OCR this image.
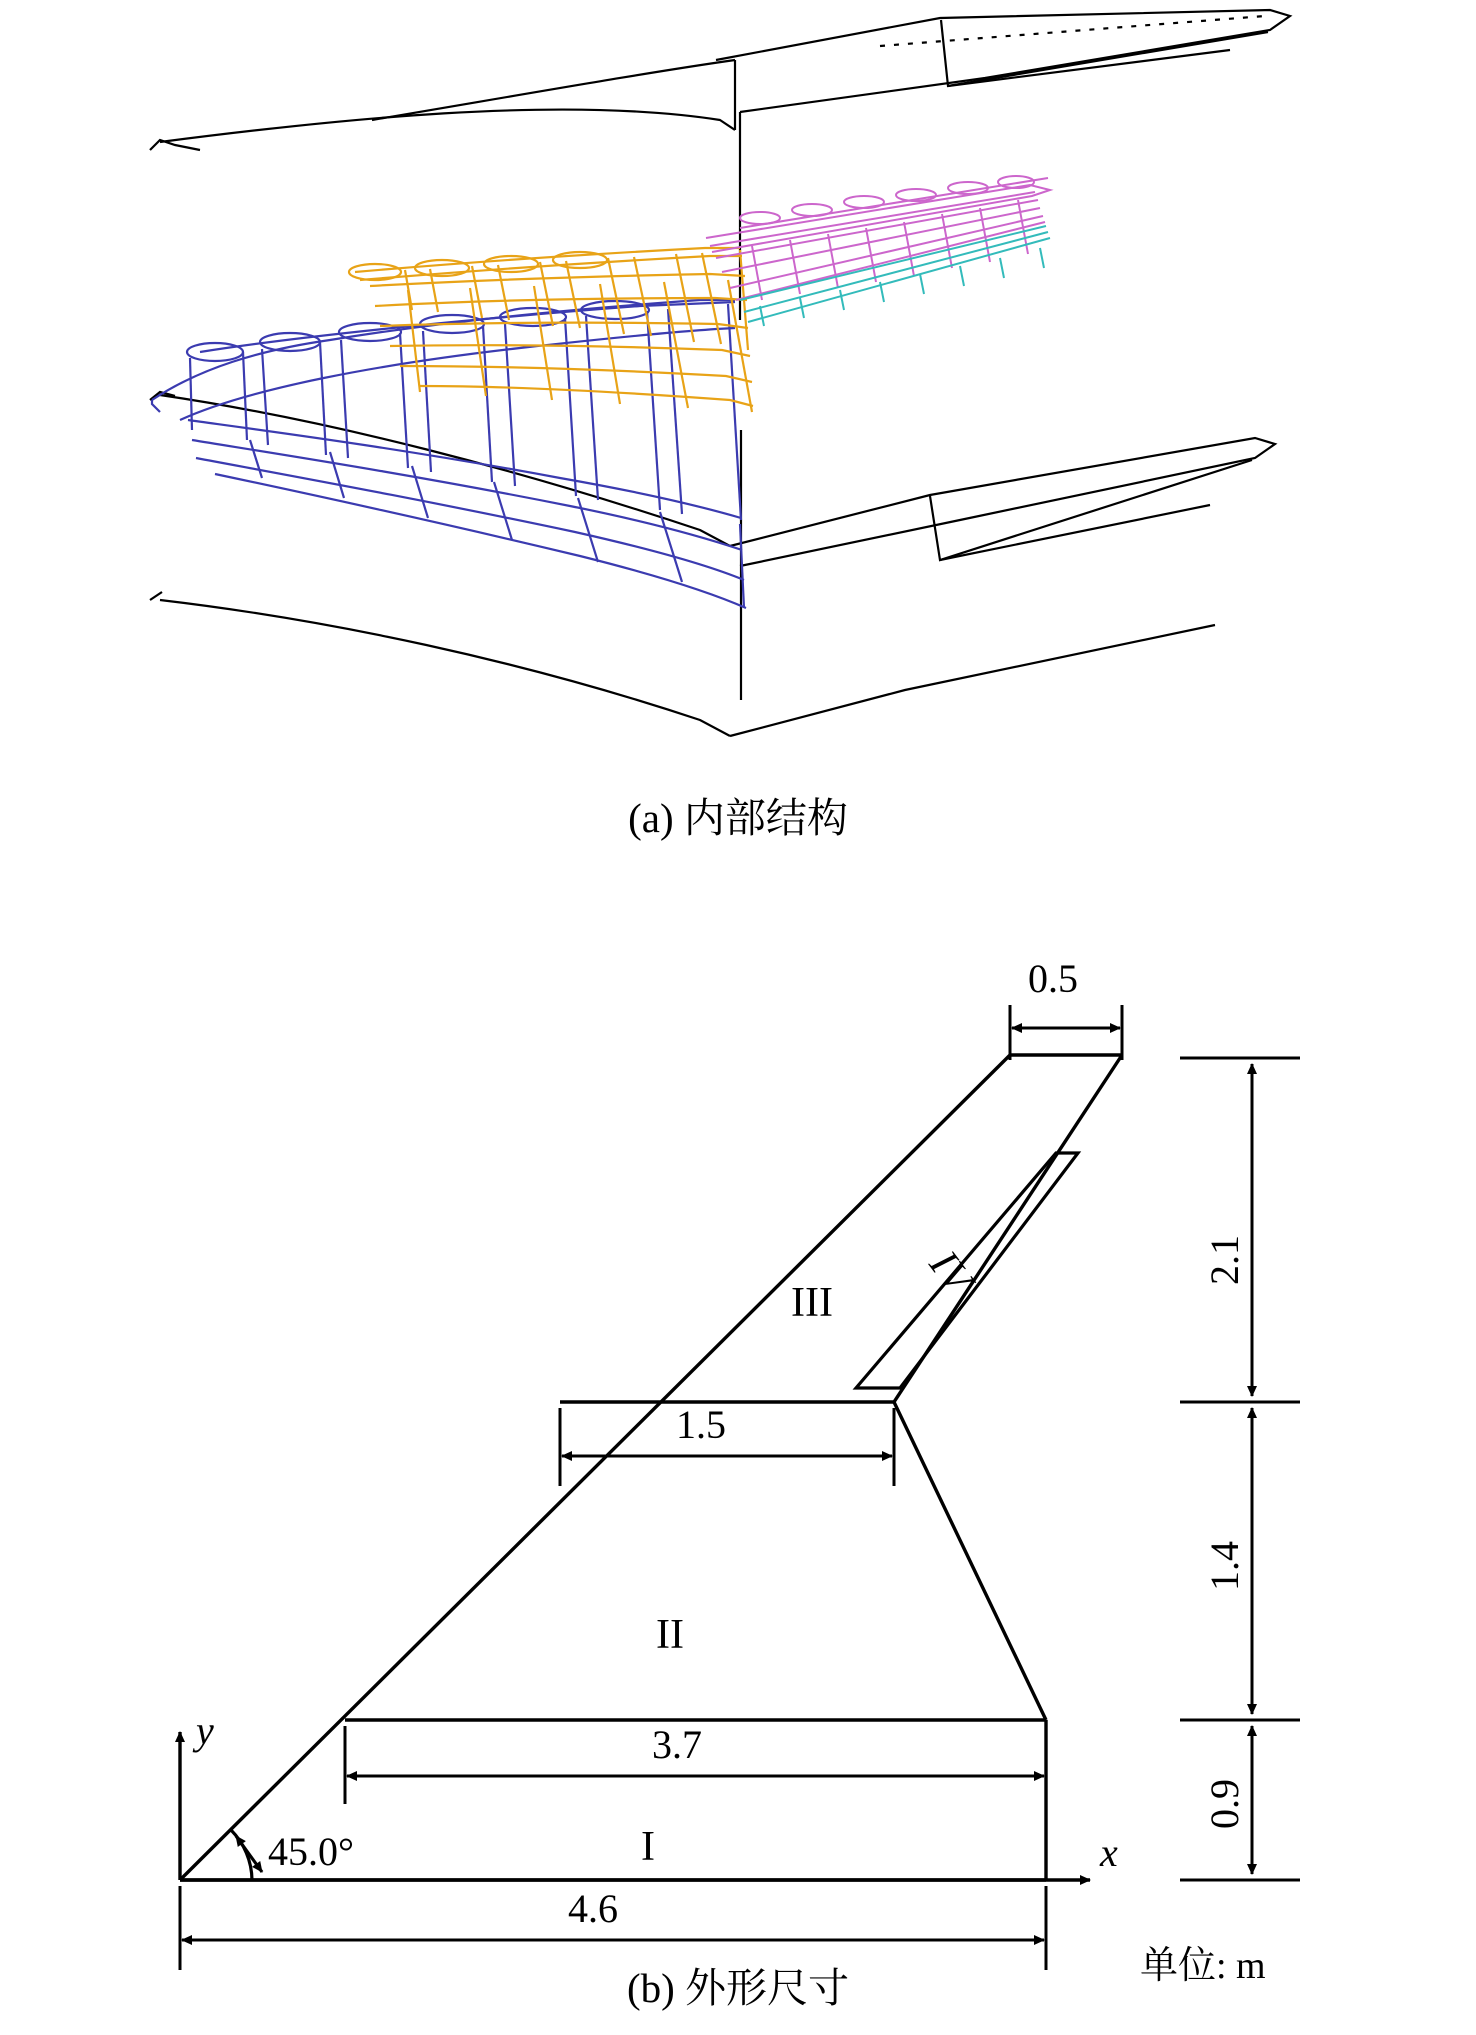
(a) 内部结构
x
y
45.0°
0.5
1.5
3.7
4.6
2.1
1.4
0.9
I
II
III
IV
单位: m
(b) 外形尺寸
